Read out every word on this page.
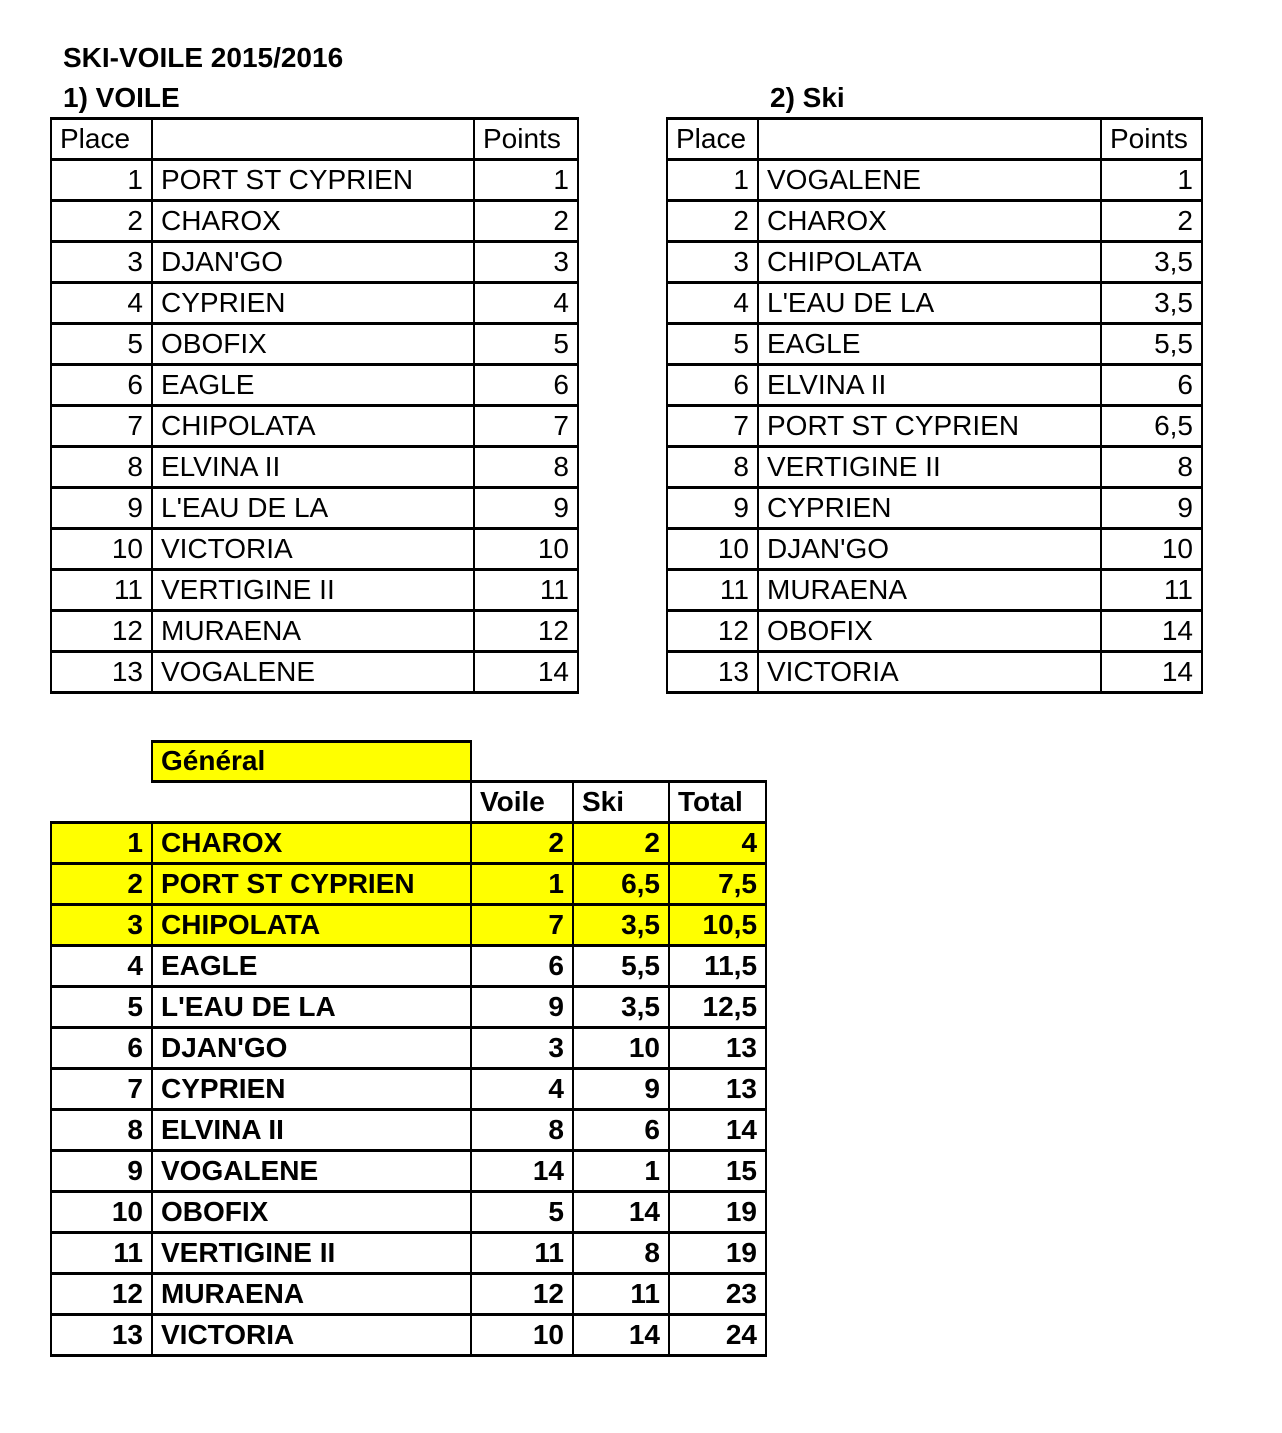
SKI-VOILE 2015/2016
1) VOILE	2) Ski
Place		Points
1	PORT ST CYPRIEN	1
2	CHAROX	2
3	DJAN'GO	3
4	CYPRIEN	4
5	OBOFIX	5
6	EAGLE	6
7	CHIPOLATA	7
8	ELVINA II	8
9	L'EAU DE LA	9
10	VICTORIA	10
11	VERTIGINE II	11
12	MURAENA	12
13	VOGALENE	14
Place		Points
1	VOGALENE	1
2	CHAROX	2
3	CHIPOLATA	3,5
4	L'EAU DE LA	3,5
5	EAGLE	5,5
6	ELVINA II	6
7	PORT ST CYPRIEN	6,5
8	VERTIGINE II	8
9	CYPRIEN	9
10	DJAN'GO	10
11	MURAENA	11
12	OBOFIX	14
13	VICTORIA	14
	Général			
		Voile	Ski	Total
1	CHAROX	2	2	4
2	PORT ST CYPRIEN	1	6,5	7,5
3	CHIPOLATA	7	3,5	10,5
4	EAGLE	6	5,5	11,5
5	L'EAU DE LA	9	3,5	12,5
6	DJAN'GO	3	10	13
7	CYPRIEN	4	9	13
8	ELVINA II	8	6	14
9	VOGALENE	14	1	15
10	OBOFIX	5	14	19
11	VERTIGINE II	11	8	19
12	MURAENA	12	11	23
13	VICTORIA	10	14	24
